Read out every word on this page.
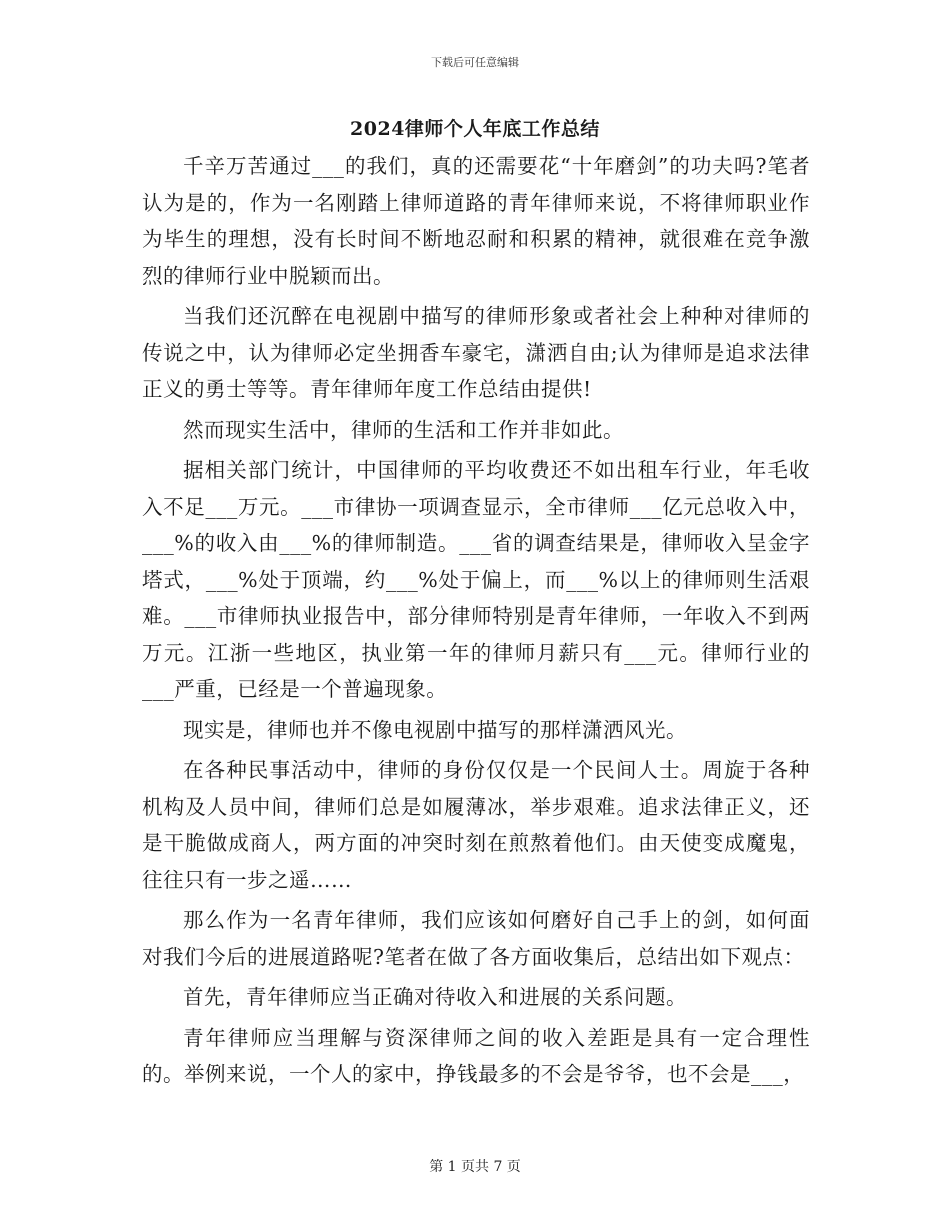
下载后可任意编辑
2024律师个人年底工作总结

千辛万苦通过___的我们，真的还需要花“十年磨剑”的功夫吗?笔者认为是的，作为一名刚踏上律师道路的青年律师来说，不将律师职业作为毕生的理想，没有长时间不断地忍耐和积累的精神，就很难在竞争激烈的律师行业中脱颖而出。

当我们还沉醉在电视剧中描写的律师形象或者社会上种种对律师的传说之中，认为律师必定坐拥香车豪宅，潇洒自由;认为律师是追求法律正义的勇士等等。青年律师年度工作总结由提供!

然而现实生活中，律师的生活和工作并非如此。

据相关部门统计，中国律师的平均收费还不如出租车行业，年毛收入不足___万元。___市律协一项调查显示，全市律师___亿元总收入中，___%的收入由___%的律师制造。___省的调查结果是，律师收入呈金字塔式，___%处于顶端，约___%处于偏上，而___%以上的律师则生活艰难。___市律师执业报告中，部分律师特别是青年律师，一年收入不到两万元。江浙一些地区，执业第一年的律师月薪只有___元。律师行业的___严重，已经是一个普遍现象。

现实是，律师也并不像电视剧中描写的那样潇洒风光。

在各种民事活动中，律师的身份仅仅是一个民间人士。周旋于各种机构及人员中间，律师们总是如履薄冰，举步艰难。追求法律正义，还是干脆做成商人，两方面的冲突时刻在煎熬着他们。由天使变成魔鬼，往往只有一步之遥……

那么作为一名青年律师，我们应该如何磨好自己手上的剑，如何面对我们今后的进展道路呢?笔者在做了各方面收集后，总结出如下观点：

首先，青年律师应当正确对待收入和进展的关系问题。

青年律师应当理解与资深律师之间的收入差距是具有一定合理性的。举例来说，一个人的家中，挣钱最多的不会是爷爷，也不会是___，

第 1 页共 7 页
